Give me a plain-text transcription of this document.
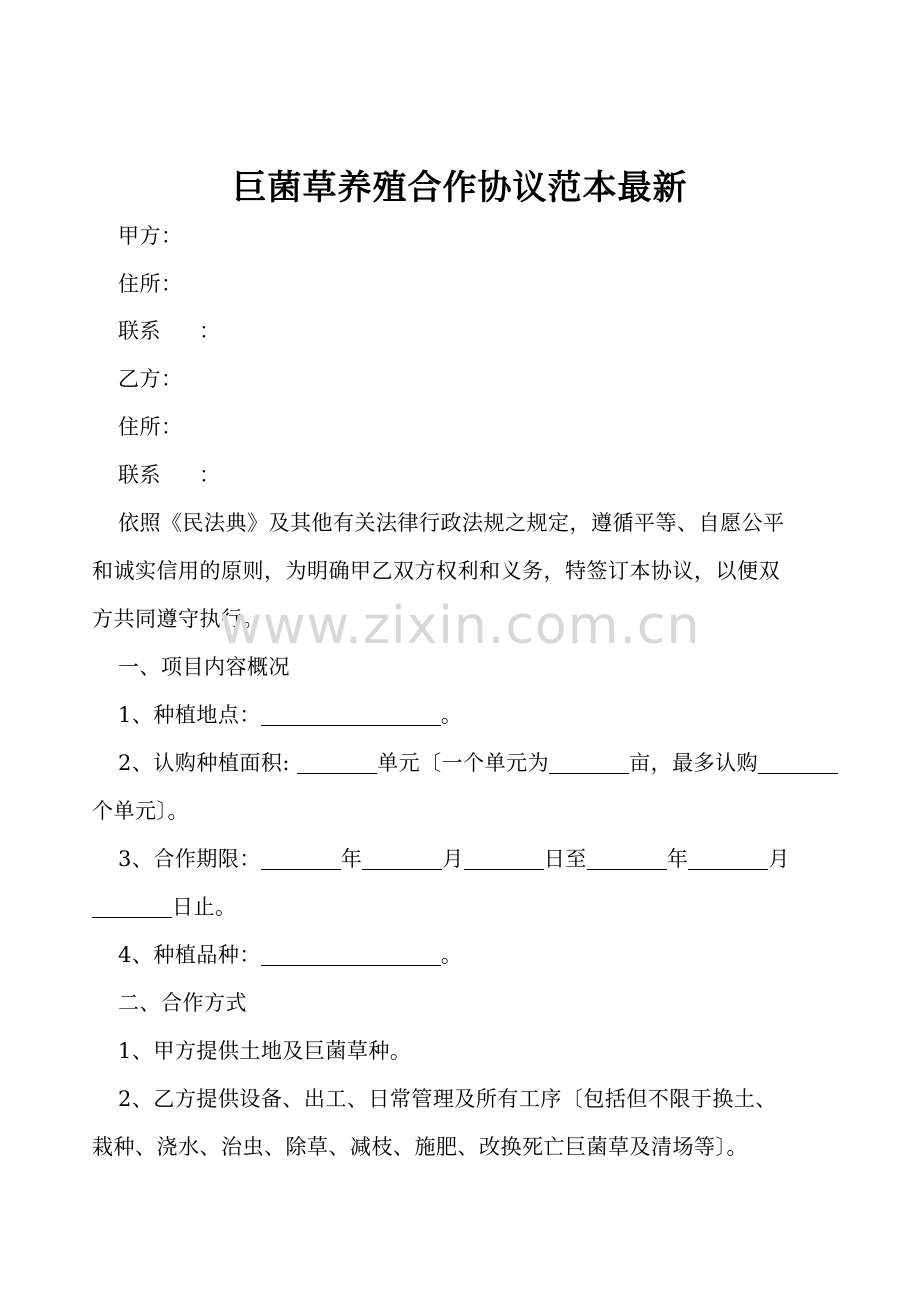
巨菌草养殖合作协议范本最新

甲方：

住所：

联系 ：

乙方：

住所：

联系 ：

依照《民法典》及其他有关法律行政法规之规定，遵循平等、自愿公平

和诚实信用的原则，为明确甲乙双方权利和义务，特签订本协议，以便双

方共同遵守执行。

一、项目内容概况

1、种植地点：	。

2、认购种植面积:	单元〔一个单元为	亩，最多认购

个单元〕。

3、合作期限：	年	月	日至	年	月

日止。

4、种植品种：	。

二、合作方式

1、甲方提供土地及巨菌草种。

2、乙方提供设备、出工、日常管理及所有工序〔包括但不限于换土、

栽种、浇水、治虫、除草、减枝、施肥、改换死亡巨菌草及清场等〕。

www.zixin.com.cn
